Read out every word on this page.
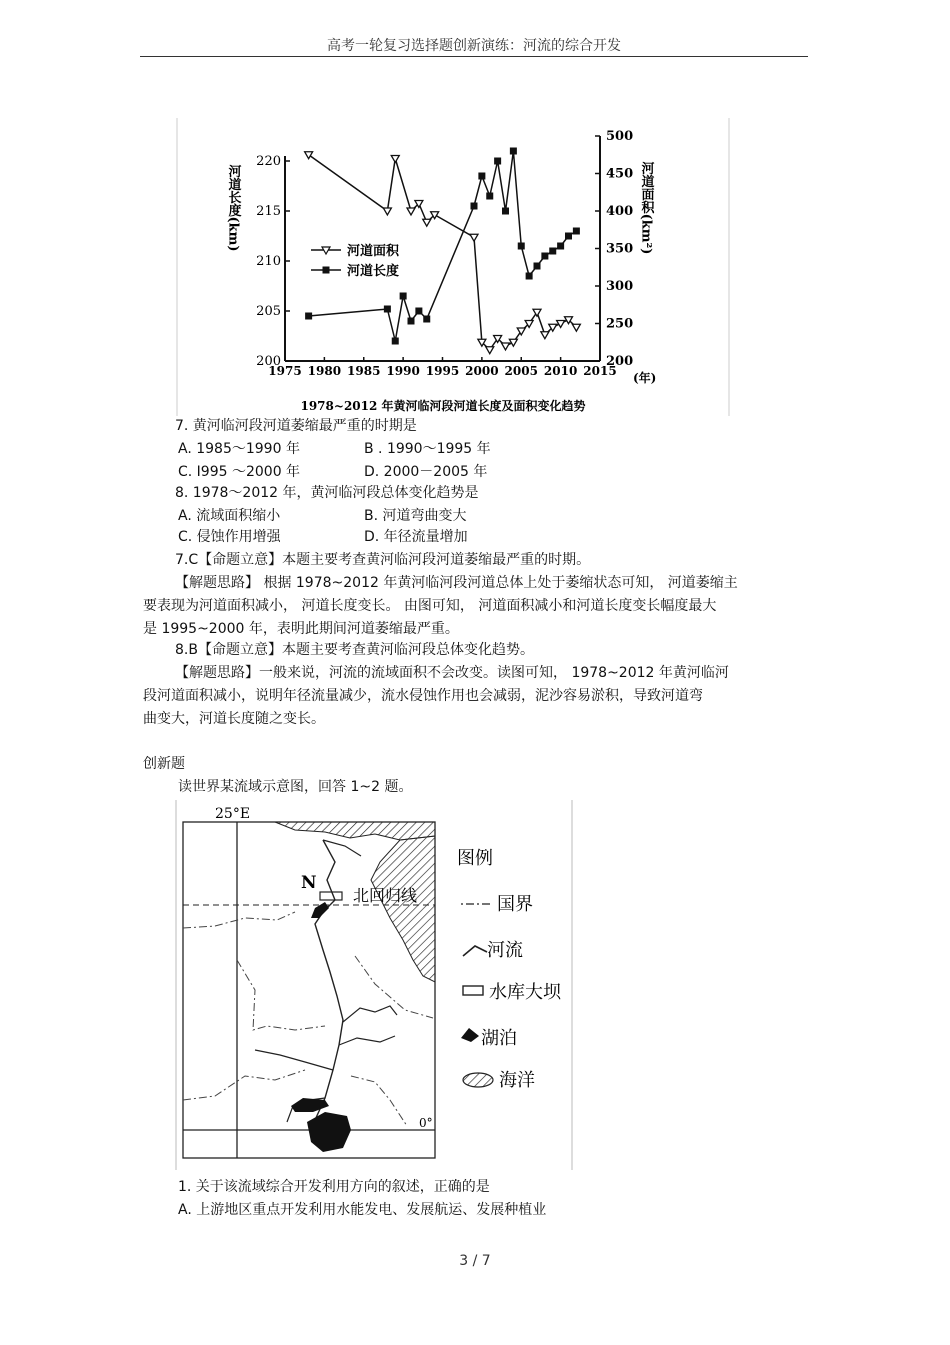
高考一轮复习选择题创新演练：河流的综合开发
1975 1980 1985 1990 1995 2000 2005 2010 2015
200
205
210
215
220
200
250
300
350
400
450
500
河道面积
河道长度
河道长度(km)	河道面积(km²)
(年)
1978~2012 年黄河临河段河道长度及面积变化趋势
7. 黄河临河段河道萎缩最严重的时期是
A. 1985～1990 年	B . 1990～1995 年
C. I995 ～2000 年	D. 2000－2005 年
8. 1978～2012 年，黄河临河段总体变化趋势是
A. 流域面积缩小	B. 河道弯曲变大
C. 侵蚀作用增强	D. 年径流量增加
7.C【命题立意】本题主要考查黄河临河段河道萎缩最严重的时期。
【解题思路】 根据 1978~2012 年黄河临河段河道总体上处于萎缩状态可知， 河道萎缩主
要表现为河道面积减小， 河道长度变长。 由图可知， 河道面积减小和河道长度变长幅度最大
是 1995~2000 年，表明此期间河道萎缩最严重。
8.B【命题立意】本题主要考查黄河临河段总体变化趋势。
【解题思路】一般来说，河流的流域面积不会改变。读图可知， 1978~2012 年黄河临河
段河道面积减小，说明年径流量减少，流水侵蚀作用也会减弱，泥沙容易淤积，导致河道弯
曲变大，河道长度随之变长。
创新题
读世界某流域示意图，回答 1~2 题。
25°E
N
北回归线
0°
图例
国界
河流
水库大坝
湖泊
海洋
1. 关于该流域综合开发利用方向的叙述，正确的是
A. 上游地区重点开发利用水能发电、发展航运、发展种植业
3 / 7
